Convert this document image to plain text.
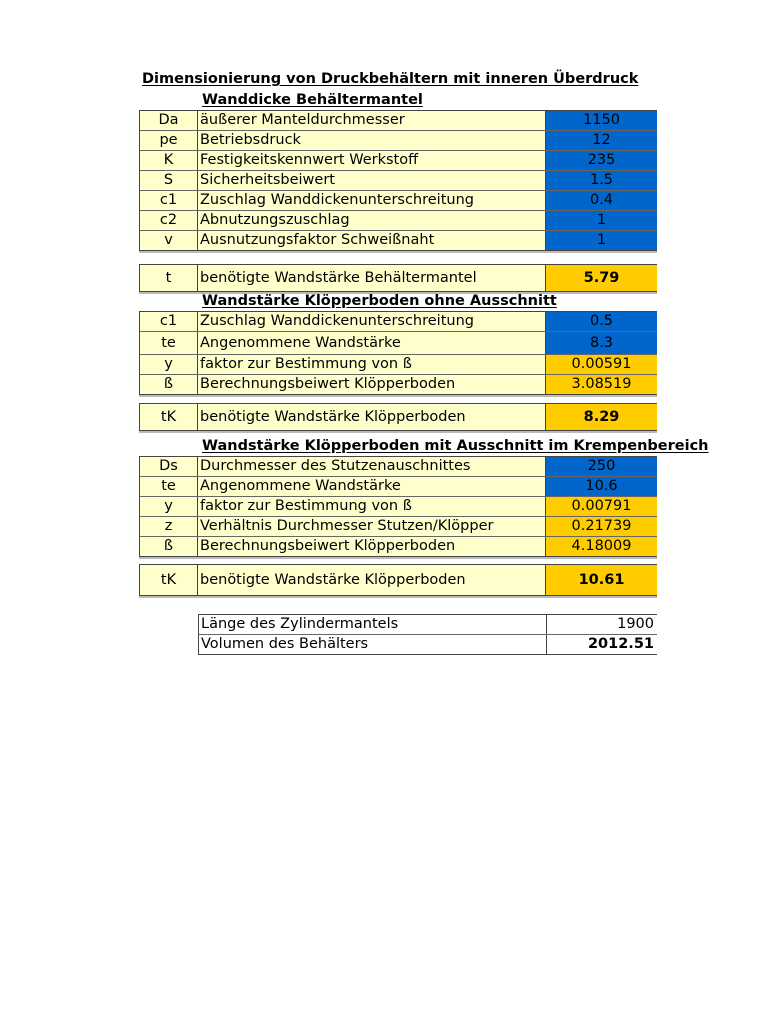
Dimensionierung von Druckbehältern mit inneren Überdruck
Wanddicke Behältermantel
Da	äußerer Manteldurchmesser	1150
pe	Betriebsdruck	12
K	Festigkeitskennwert Werkstoff	235
S	Sicherheitsbeiwert	1.5
c1	Zuschlag Wanddickenunterschreitung	0.4
c2	Abnutzungszuschlag	1
v	Ausnutzungsfaktor Schweißnaht	1
t	benötigte Wandstärke Behältermantel	5.79
Wandstärke Klöpperboden ohne Ausschnitt
c1	Zuschlag Wanddickenunterschreitung	0.5
te	Angenommene Wandstärke	8.3
y	faktor zur Bestimmung von ß	0.00591
ß	Berechnungsbeiwert Klöpperboden	3.08519
tK	benötigte Wandstärke Klöpperboden	8.29
Wandstärke Klöpperboden mit Ausschnitt im Krempenbereich
Ds	Durchmesser des Stutzenauschnittes	250
te	Angenommene Wandstärke	10.6
y	faktor zur Bestimmung von ß	0.00791
z	Verhältnis Durchmesser Stutzen/Klöpper	0.21739
ß	Berechnungsbeiwert Klöpperboden	4.18009
tK	benötigte Wandstärke Klöpperboden	10.61
Länge des Zylindermantels	1900
Volumen des Behälters	2012.51
